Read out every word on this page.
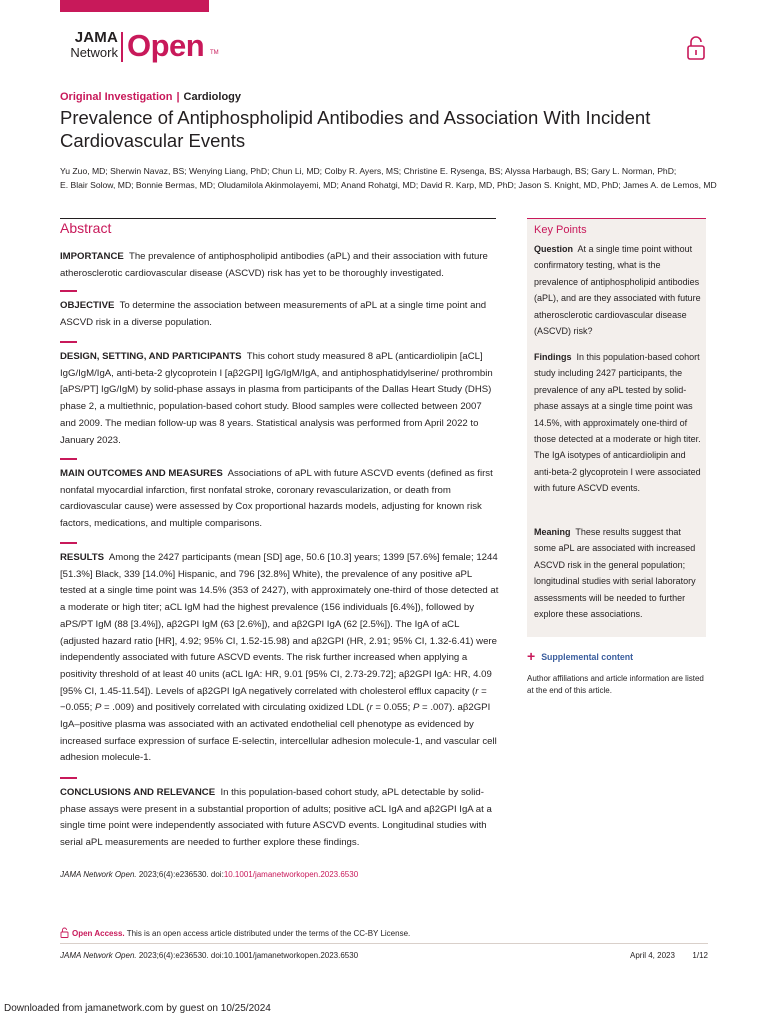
JAMA
Network Open TM
Original Investigation | Cardiology
Prevalence of Antiphospholipid Antibodies and Association With Incident Cardiovascular Events
Yu Zuo, MD; Sherwin Navaz, BS; Wenying Liang, PhD; Chun Li, MD; Colby R. Ayers, MS; Christine E. Rysenga, BS; Alyssa Harbaugh, BS; Gary L. Norman, PhD;
E. Blair Solow, MD; Bonnie Bermas, MD; Oludamilola Akinmolayemi, MD; Anand Rohatgi, MD; David R. Karp, MD, PhD; Jason S. Knight, MD, PhD; James A. de Lemos, MD
Abstract

IMPORTANCE The prevalence of antiphospholipid antibodies (aPL) and their association with future atherosclerotic cardiovascular disease (ASCVD) risk has yet to be thoroughly investigated.

OBJECTIVE To determine the association between measurements of aPL at a single time point and ASCVD risk in a diverse population.

DESIGN, SETTING, AND PARTICIPANTS This cohort study measured 8 aPL (anticardiolipin [aCL] IgG/IgM/IgA, anti-beta-2 glycoprotein I [aβ2GPI] IgG/IgM/IgA, and antiphosphatidylserine/ prothrombin [aPS/PT] IgG/IgM) by solid-phase assays in plasma from participants of the Dallas Heart Study (DHS) phase 2, a multiethnic, population-based cohort study. Blood samples were collected between 2007 and 2009. The median follow-up was 8 years. Statistical analysis was performed from April 2022 to January 2023.

MAIN OUTCOMES AND MEASURES Associations of aPL with future ASCVD events (defined as first nonfatal myocardial infarction, first nonfatal stroke, coronary revascularization, or death from cardiovascular cause) were assessed by Cox proportional hazards models, adjusting for known risk factors, medications, and multiple comparisons.

RESULTS Among the 2427 participants (mean [SD] age, 50.6 [10.3] years; 1399 [57.6%] female; 1244 [51.3%] Black, 339 [14.0%] Hispanic, and 796 [32.8%] White), the prevalence of any positive aPL tested at a single time point was 14.5% (353 of 2427), with approximately one-third of those detected at a moderate or high titer; aCL IgM had the highest prevalence (156 individuals [6.4%]), followed by aPS/PT IgM (88 [3.4%]), aβ2GPI IgM (63 [2.6%]), and aβ2GPI IgA (62 [2.5%]). The IgA of aCL (adjusted hazard ratio [HR], 4.92; 95% CI, 1.52-15.98) and aβ2GPI (HR, 2.91; 95% CI, 1.32-6.41) were independently associated with future ASCVD events. The risk further increased when applying a positivity threshold of at least 40 units (aCL IgA: HR, 9.01 [95% CI, 2.73-29.72]; aβ2GPI IgA: HR, 4.09 [95% CI, 1.45-11.54]). Levels of aβ2GPI IgA negatively correlated with cholesterol efflux capacity (r = −0.055; P = .009) and positively correlated with circulating oxidized LDL (r = 0.055; P = .007). aβ2GPI IgA–positive plasma was associated with an activated endothelial cell phenotype as evidenced by increased surface expression of surface E-selectin, intercellular adhesion molecule-1, and vascular cell adhesion molecule-1.

CONCLUSIONS AND RELEVANCE In this population-based cohort study, aPL detectable by solid-phase assays were present in a substantial proportion of adults; positive aCL IgA and aβ2GPI IgA at a single time point were independently associated with future ASCVD events. Longitudinal studies with serial aPL measurements are needed to further explore these findings.

JAMA Network Open. 2023;6(4):e236530. doi:10.1001/jamanetworkopen.2023.6530
Key Points

Question At a single time point without confirmatory testing, what is the prevalence of antiphospholipid antibodies (aPL), and are they associated with future atherosclerotic cardiovascular disease (ASCVD) risk?

Findings In this population-based cohort study including 2427 participants, the prevalence of any aPL tested by solid-phase assays at a single time point was 14.5%, with approximately one-third of those detected at a moderate or high titer. The IgA isotypes of anticardiolipin and anti-beta-2 glycoprotein I were associated with future ASCVD events.

Meaning These results suggest that some aPL are associated with increased ASCVD risk in the general population; longitudinal studies with serial laboratory assessments will be needed to further explore these associations.

+ Supplemental content
Author affiliations and article information are listed at the end of this article.
Open Access. This is an open access article distributed under the terms of the CC-BY License.
JAMA Network Open. 2023;6(4):e236530. doi:10.1001/jamanetworkopen.2023.6530	April 4, 2023 1/12
Downloaded from jamanetwork.com by guest on 10/25/2024
